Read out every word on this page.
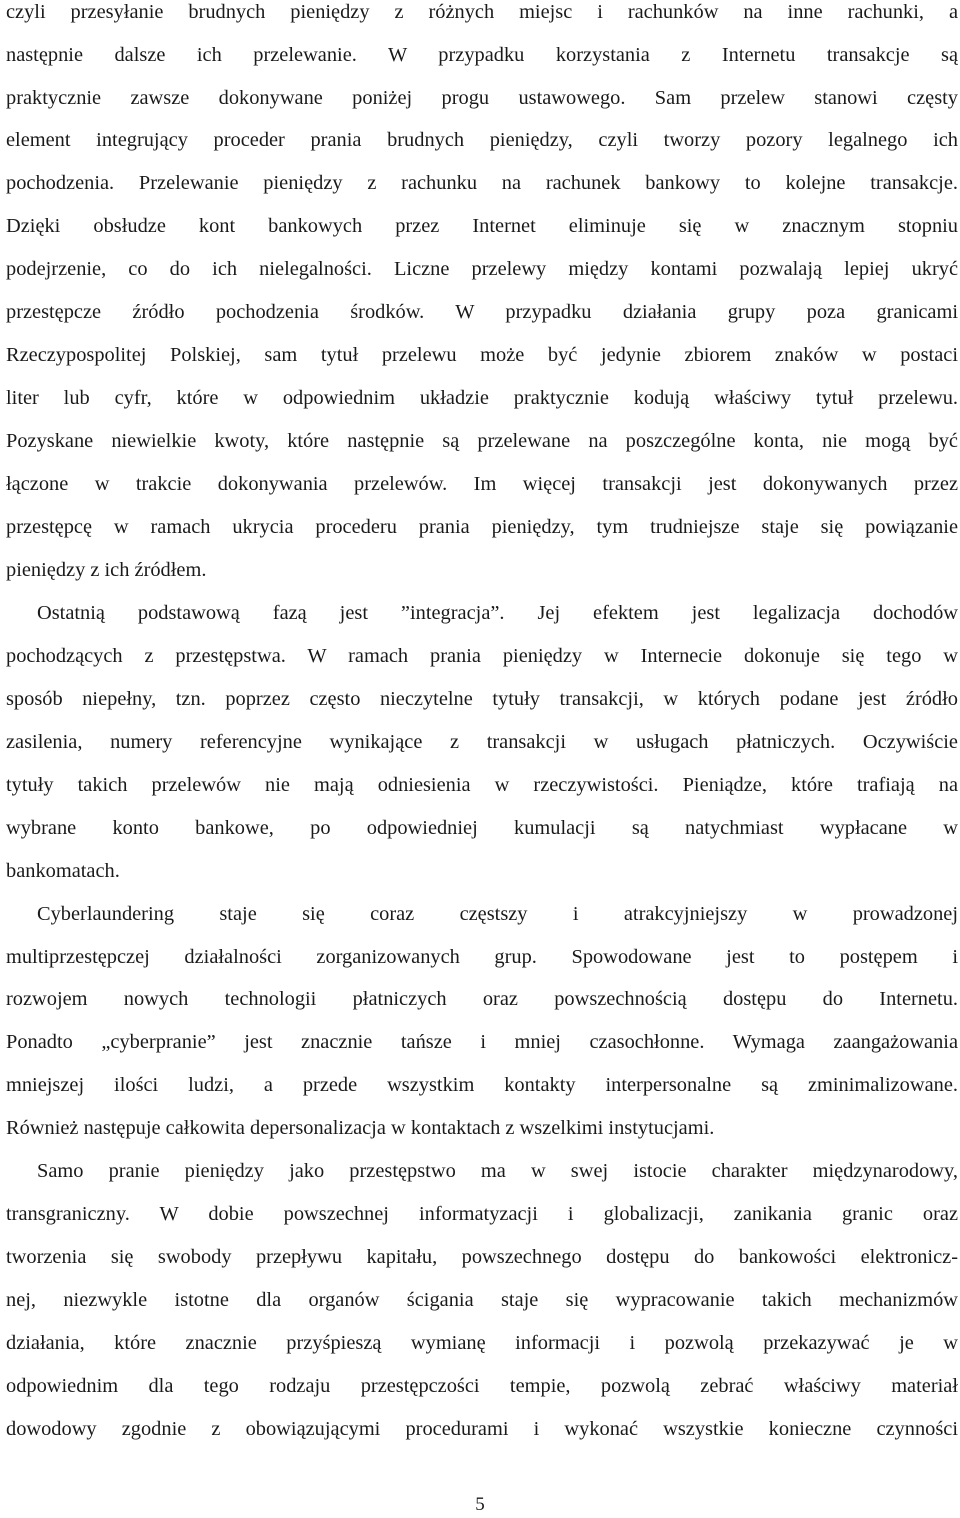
czyli przesyłanie brudnych pieniędzy z różnych miejsc i rachunków na inne rachunki, a
następnie dalsze ich przelewanie. W przypadku korzystania z Internetu transakcje są
praktycznie zawsze dokonywane poniżej progu ustawowego. Sam przelew stanowi częsty
element integrujący proceder prania brudnych pieniędzy, czyli tworzy pozory legalnego ich
pochodzenia. Przelewanie pieniędzy z rachunku na rachunek bankowy to kolejne transakcje.
Dzięki obsłudze kont bankowych przez Internet eliminuje się w znacznym stopniu
podejrzenie, co do ich nielegalności. Liczne przelewy między kontami pozwalają lepiej ukryć
przestępcze źródło pochodzenia środków. W przypadku działania grupy poza granicami
Rzeczypospolitej Polskiej, sam tytuł przelewu może być jedynie zbiorem znaków w postaci
liter lub cyfr, które w odpowiednim układzie praktycznie kodują właściwy tytuł przelewu.
Pozyskane niewielkie kwoty, które następnie są przelewane na poszczególne konta, nie mogą być
łączone w trakcie dokonywania przelewów. Im więcej transakcji jest dokonywanych przez
przestępcę w ramach ukrycia procederu prania pieniędzy, tym trudniejsze staje się powiązanie
pieniędzy z ich źródłem.
Ostatnią podstawową fazą jest ”integracja”. Jej efektem jest legalizacja dochodów
pochodzących z przestępstwa. W ramach prania pieniędzy w Internecie dokonuje się tego w
sposób niepełny, tzn. poprzez często nieczytelne tytuły transakcji, w których podane jest źródło
zasilenia, numery referencyjne wynikające z transakcji w usługach płatniczych. Oczywiście
tytuły takich przelewów nie mają odniesienia w rzeczywistości. Pieniądze, które trafiają na
wybrane konto bankowe, po odpowiedniej kumulacji są natychmiast wypłacane w
bankomatach.
Cyberlaundering staje się coraz częstszy i atrakcyjniejszy w prowadzonej
multiprzestępczej działalności zorganizowanych grup. Spowodowane jest to postępem i
rozwojem nowych technologii płatniczych oraz powszechnością dostępu do Internetu.
Ponadto „cyberpranie” jest znacznie tańsze i mniej czasochłonne. Wymaga zaangażowania
mniejszej ilości ludzi, a przede wszystkim kontakty interpersonalne są zminimalizowane.
Również następuje całkowita depersonalizacja w kontaktach z wszelkimi instytucjami.
Samo pranie pieniędzy jako przestępstwo ma w swej istocie charakter międzynarodowy,
transgraniczny. W dobie powszechnej informatyzacji i globalizacji, zanikania granic oraz
tworzenia się swobody przepływu kapitału, powszechnego dostępu do bankowości elektronicz-
nej, niezwykle istotne dla organów ścigania staje się wypracowanie takich mechanizmów
działania, które znacznie przyśpieszą wymianę informacji i pozwolą przekazywać je w
odpowiednim dla tego rodzaju przestępczości tempie, pozwolą zebrać właściwy materiał
dowodowy zgodnie z obowiązującymi procedurami i wykonać wszystkie konieczne czynności
5
